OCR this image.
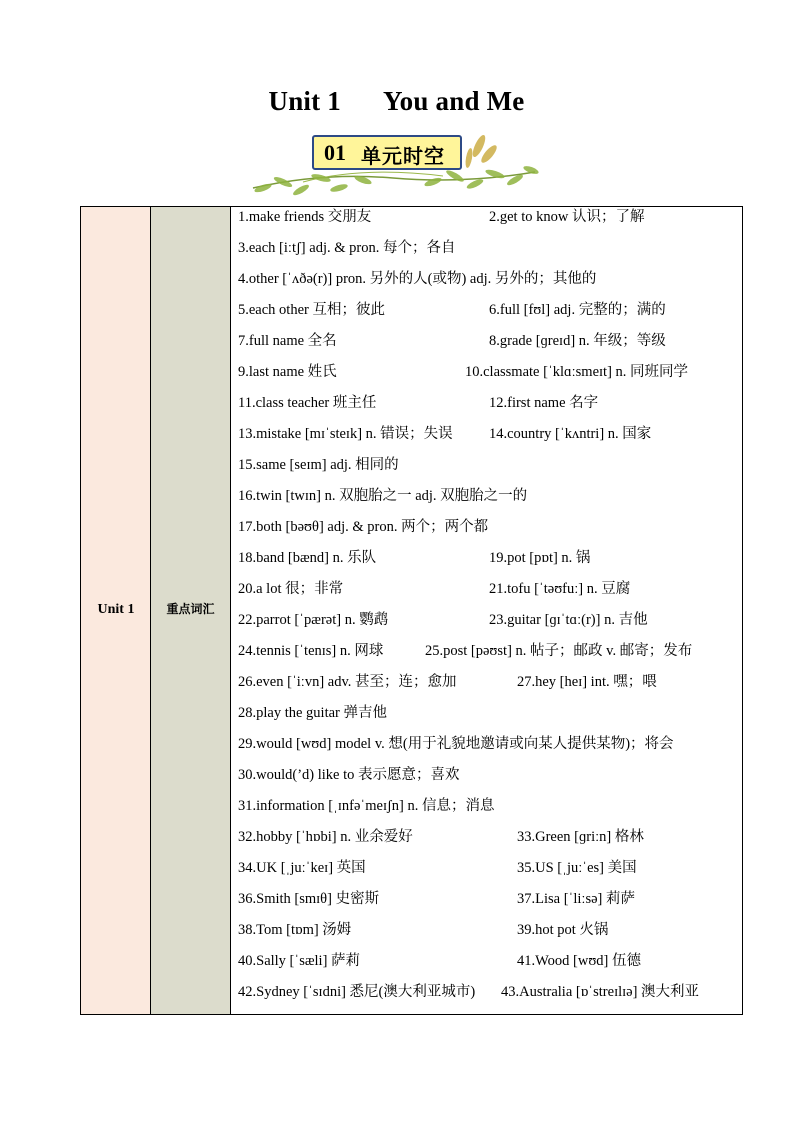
Unit 1 You and Me
01 单元时空
Unit 1	重点词汇
1.make friends 交朋友	2.get to know 认识；了解
3.each [iːtʃ] adj. & pron. 每个；各自
4.other [ˈʌðə(r)] pron. 另外的人(或物) adj. 另外的；其他的
5.each other 互相；彼此	6.full [fʊl] adj. 完整的；满的
7.full name 全名	8.grade [ɡreɪd] n. 年级；等级
9.last name 姓氏	10.classmate [ˈklɑːsmeɪt] n. 同班同学
11.class teacher 班主任	12.first name 名字
13.mistake [mɪˈsteɪk] n. 错误；失误	14.country [ˈkʌntri] n. 国家
15.same [seɪm] adj. 相同的
16.twin [twɪn] n. 双胞胎之一 adj. 双胞胎之一的
17.both [bəʊθ] adj. & pron. 两个；两个都
18.band [bænd] n. 乐队	19.pot [pɒt] n. 锅
20.a lot 很；非常	21.tofu [ˈtəʊfuː] n. 豆腐
22.parrot [ˈpærət] n. 鹦鹉	23.guitar [ɡɪˈtɑː(r)] n. 吉他
24.tennis [ˈtenɪs] n. 网球	25.post [pəʊst] n. 帖子；邮政 v. 邮寄；发布
26.even [ˈiːvn] adv. 甚至；连；愈加	27.hey [heɪ] int. 嘿；喂
28.play the guitar 弹吉他
29.would [wʊd] model v. 想(用于礼貌地邀请或向某人提供某物)；将会
30.would(’d) like to 表示愿意；喜欢
31.information [ˌɪnfəˈmeɪʃn] n. 信息；消息
32.hobby [ˈhɒbi] n. 业余爱好	33.Green [ɡriːn] 格林
34.UK [ˌjuːˈkeɪ] 英国	35.US [ˌjuːˈes] 美国
36.Smith [smɪθ] 史密斯	37.Lisa [ˈliːsə] 莉萨
38.Tom [tɒm] 汤姆	39.hot pot 火锅
40.Sally [ˈsæli] 萨莉	41.Wood [wʊd] 伍德
42.Sydney [ˈsɪdni] 悉尼(澳大利亚城市) 43.Australia [ɒˈstreɪlɪə] 澳大利亚
